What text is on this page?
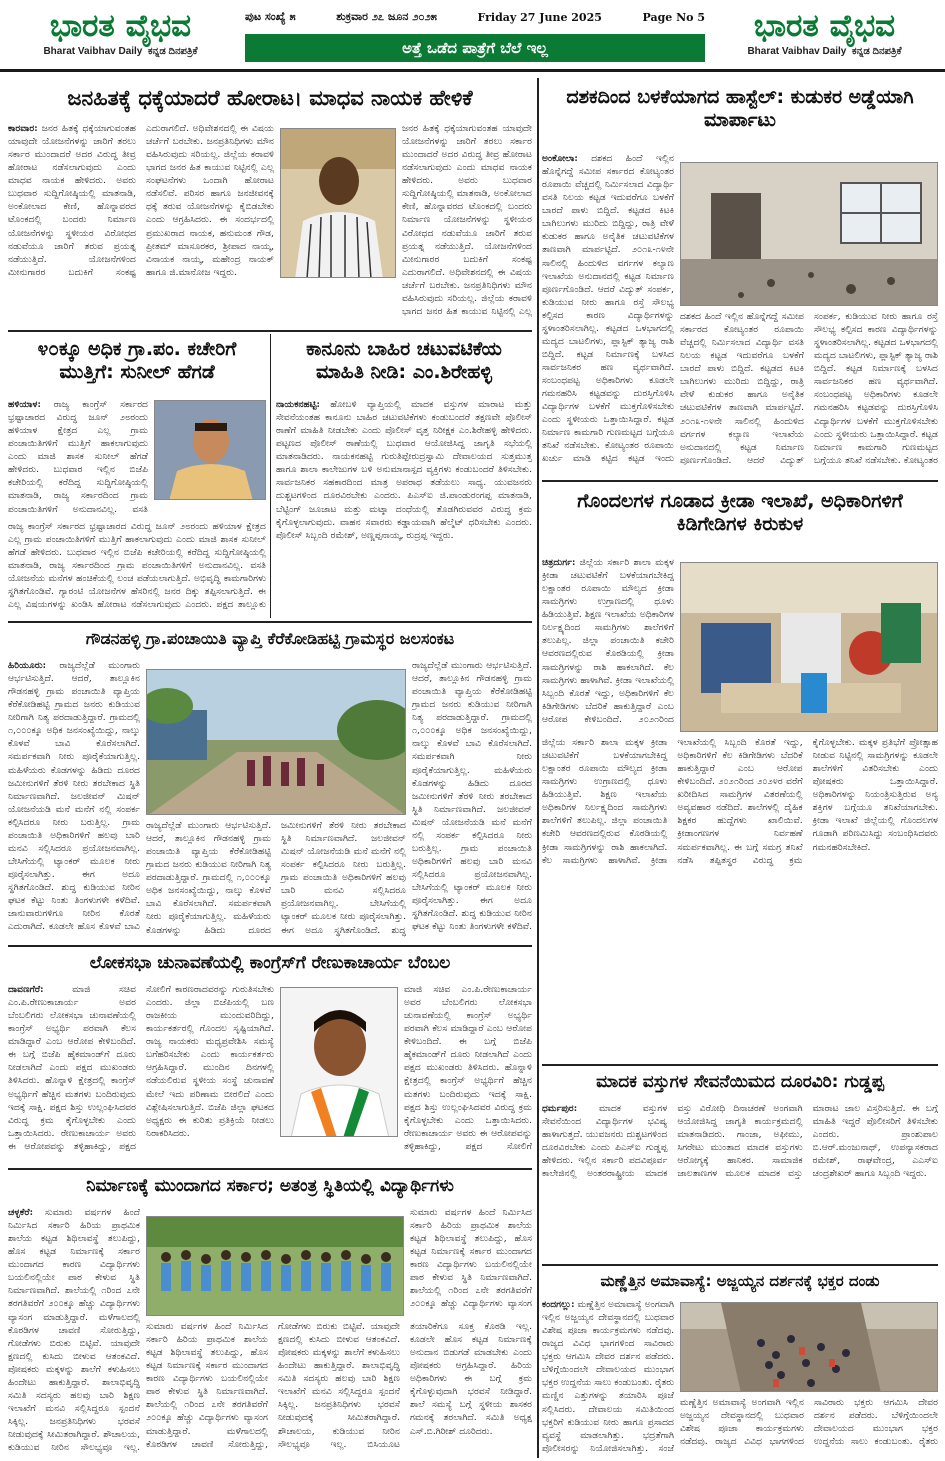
ಭಾರತ ವೈಭವ
Bharat Vaibhav Daily ಕನ್ನಡ ದಿನಪತ್ರಿಕೆ
ಪುಟ ಸಂಖ್ಯೆ ೫	ಶುಕ್ರವಾರ ೨೭ ಜೂನ ೨೦೨೫	Friday 27 June 2025	Page No 5
ಅತ್ತೆ ಒಡೆದ ಪಾತ್ರೆಗೆ ಬೆಲೆ ಇಲ್ಲ
ಭಾರತ ವೈಭವ
Bharat Vaibhav Daily ಕನ್ನಡ ದಿನಪತ್ರಿಕೆ
ಜನಹಿತಕ್ಕೆ ಧಕ್ಕೆಯಾದರೆ ಹೋರಾಟ। ಮಾಧವ ನಾಯಕ ಹೇಳಿಕೆ
ಕಾರವಾರ: ಜನರ ಹಿತಕ್ಕೆ ಧಕ್ಕೆಯಾಗುವಂತಹ ಯಾವುದೇ ಯೋಜನೆಗಳನ್ನು ಜಾರಿಗೆ ತರಲು ಸರ್ಕಾರ ಮುಂದಾದರೆ ಅದರ ವಿರುದ್ಧ ತೀವ್ರ ಹೋರಾಟ ನಡೆಸಲಾಗುವುದು ಎಂದು ಮಾಧವ ನಾಯಕ ಹೇಳಿದರು. ಅವರು ಬುಧವಾರ ಸುದ್ದಿಗೋಷ್ಠಿಯಲ್ಲಿ ಮಾತನಾಡಿ, ಅಂಕೋಲಾದ ಕೇಣಿ, ಹೊನ್ನಾವರದ ಟೊಂಕದಲ್ಲಿ ಬಂದರು ನಿರ್ಮಾಣ ಯೋಜನೆಗಳನ್ನು ಸ್ಥಳೀಯರ ವಿರೋಧದ ನಡುವೆಯೂ ಜಾರಿಗೆ ತರುವ ಪ್ರಯತ್ನ ನಡೆಯುತ್ತಿದೆ. ಯೋಜನೆಗಳಿಂದ ಮೀನುಗಾರರ ಬದುಕಿಗೆ ಸಂಕಷ್ಟ ಎದುರಾಗಲಿದೆ. ಅಧಿವೇಶನದಲ್ಲಿ ಈ ವಿಷಯ ಚರ್ಚೆಗೆ ಬರಬೇಕು. ಜನಪ್ರತಿನಿಧಿಗಳು ಮೌನ ವಹಿಸಿರುವುದು ಸರಿಯಲ್ಲ. ಜಿಲ್ಲೆಯ ಕರಾವಳಿ ಭಾಗದ ಜನರ ಹಿತ ಕಾಯುವ ನಿಟ್ಟಿನಲ್ಲಿ ಎಲ್ಲ ಸಂಘಟನೆಗಳು ಒಂದಾಗಿ ಹೋರಾಟ ನಡೆಸಲಿವೆ. ಪರಿಸರ ಹಾಗೂ ಜನಜೀವನಕ್ಕೆ ಧಕ್ಕೆ ತರುವ ಯೋಜನೆಗಳನ್ನು ಕೈಬಿಡಬೇಕು ಎಂದು ಆಗ್ರಹಿಸಿದರು. ಈ ಸಂದರ್ಭದಲ್ಲಿ ಪ್ರಮುಖರಾದ ನಾಯಕ, ಹನುಮಂತ ಗೌಡ, ಪ್ರೀತಮ್ ಮಾಸೂರಕರ, ಶ್ರೀಪಾದ ನಾಯ್ಕ, ವಿನಾಯಕ ನಾಯ್ಕ, ಮಹೇಂದ್ರ ನಾಯಕ್ ಹಾಗೂ ಜಿ.ಮಾನೋಜ ಇದ್ದರು.
ಜನರ ಹಿತಕ್ಕೆ ಧಕ್ಕೆಯಾಗುವಂತಹ ಯಾವುದೇ ಯೋಜನೆಗಳನ್ನು ಜಾರಿಗೆ ತರಲು ಸರ್ಕಾರ ಮುಂದಾದರೆ ಅದರ ವಿರುದ್ಧ ತೀವ್ರ ಹೋರಾಟ ನಡೆಸಲಾಗುವುದು ಎಂದು ಮಾಧವ ನಾಯಕ ಹೇಳಿದರು. ಅವರು ಬುಧವಾರ ಸುದ್ದಿಗೋಷ್ಠಿಯಲ್ಲಿ ಮಾತನಾಡಿ, ಅಂಕೋಲಾದ ಕೇಣಿ, ಹೊನ್ನಾವರದ ಟೊಂಕದಲ್ಲಿ ಬಂದರು ನಿರ್ಮಾಣ ಯೋಜನೆಗಳನ್ನು ಸ್ಥಳೀಯರ ವಿರೋಧದ ನಡುವೆಯೂ ಜಾರಿಗೆ ತರುವ ಪ್ರಯತ್ನ ನಡೆಯುತ್ತಿದೆ. ಯೋಜನೆಗಳಿಂದ ಮೀನುಗಾರರ ಬದುಕಿಗೆ ಸಂಕಷ್ಟ ಎದುರಾಗಲಿದೆ. ಅಧಿವೇಶನದಲ್ಲಿ ಈ ವಿಷಯ ಚರ್ಚೆಗೆ ಬರಬೇಕು. ಜನಪ್ರತಿನಿಧಿಗಳು ಮೌನ ವಹಿಸಿರುವುದು ಸರಿಯಲ್ಲ. ಜಿಲ್ಲೆಯ ಕರಾವಳಿ ಭಾಗದ ಜನರ ಹಿತ ಕಾಯುವ ನಿಟ್ಟಿನಲ್ಲಿ ಎಲ್ಲ
೪೦ಕ್ಕೂ ಅಧಿಕ ಗ್ರಾ.ಪಂ. ಕಚೇರಿಗೆ ಮುತ್ತಿಗೆ: ಸುನೀಲ್ ಹೆಗಡೆ
ಹಳಿಯಾಳ: ರಾಜ್ಯ ಕಾಂಗ್ರೆಸ್ ಸರ್ಕಾರದ ಭ್ರಷ್ಟಾಚಾರದ ವಿರುದ್ಧ ಜೂನ್ ೨೮ರಂದು ಹಳಿಯಾಳ ಕ್ಷೇತ್ರದ ಎಲ್ಲ ಗ್ರಾಮ ಪಂಚಾಯಿತಿಗಳಿಗೆ ಮುತ್ತಿಗೆ ಹಾಕಲಾಗುವುದು ಎಂದು ಮಾಜಿ ಶಾಸಕ ಸುನೀಲ್ ಹೆಗಡೆ ಹೇಳಿದರು. ಬುಧವಾರ ಇಲ್ಲಿನ ಬಿಜೆಪಿ ಕಚೇರಿಯಲ್ಲಿ ಕರೆದಿದ್ದ ಸುದ್ದಿಗೋಷ್ಠಿಯಲ್ಲಿ ಮಾತನಾಡಿ, ರಾಜ್ಯ ಸರ್ಕಾರದಿಂದ ಗ್ರಾಮ ಪಂಚಾಯಿತಿಗಳಿಗೆ ಅನುದಾನವಿಲ್ಲ. ವಸತಿ
ರಾಜ್ಯ ಕಾಂಗ್ರೆಸ್ ಸರ್ಕಾರದ ಭ್ರಷ್ಟಾಚಾರದ ವಿರುದ್ಧ ಜೂನ್ ೨೮ರಂದು ಹಳಿಯಾಳ ಕ್ಷೇತ್ರದ ಎಲ್ಲ ಗ್ರಾಮ ಪಂಚಾಯಿತಿಗಳಿಗೆ ಮುತ್ತಿಗೆ ಹಾಕಲಾಗುವುದು ಎಂದು ಮಾಜಿ ಶಾಸಕ ಸುನೀಲ್ ಹೆಗಡೆ ಹೇಳಿದರು. ಬುಧವಾರ ಇಲ್ಲಿನ ಬಿಜೆಪಿ ಕಚೇರಿಯಲ್ಲಿ ಕರೆದಿದ್ದ ಸುದ್ದಿಗೋಷ್ಠಿಯಲ್ಲಿ ಮಾತನಾಡಿ, ರಾಜ್ಯ ಸರ್ಕಾರದಿಂದ ಗ್ರಾಮ ಪಂಚಾಯಿತಿಗಳಿಗೆ ಅನುದಾನವಿಲ್ಲ. ವಸತಿ ಯೋಜನೆಯ ಮನೆಗಳ ಹಂಚಿಕೆಯಲ್ಲಿ ಲಂಚ ಪಡೆಯಲಾಗುತ್ತಿದೆ. ಅಭಿವೃದ್ಧಿ ಕಾಮಗಾರಿಗಳು ಸ್ಥಗಿತಗೊಂಡಿವೆ. ಗ್ಯಾರಂಟಿ ಯೋಜನೆಗಳ ಹೆಸರಿನಲ್ಲಿ ಜನರ ದಿಕ್ಕು ತಪ್ಪಿಸಲಾಗುತ್ತಿದೆ. ಈ ಎಲ್ಲ ವಿಷಯಗಳನ್ನು ಖಂಡಿಸಿ ಹೋರಾಟ ನಡೆಸಲಾಗುವುದು ಎಂದರು. ಪಕ್ಷದ ತಾಲ್ಲೂಕು
ಕಾನೂನು ಬಾಹಿರ ಚಟುವಟಿಕೆಯ ಮಾಹಿತಿ ನೀಡಿ: ಎಂ.ಶಿರೇಹಳ್ಳಿ
ನಾಯಕನಹಟ್ಟಿ: ಹೋಬಳಿ ವ್ಯಾಪ್ತಿಯಲ್ಲಿ ಮಾದಕ ವಸ್ತುಗಳ ಮಾರಾಟ ಮತ್ತು ಸೇವನೆಯಂತಹ ಕಾನೂನು ಬಾಹಿರ ಚಟುವಟಿಕೆಗಳು ಕಂಡುಬಂದರೆ ತಕ್ಷಣವೇ ಪೊಲೀಸ್ ಠಾಣೆಗೆ ಮಾಹಿತಿ ನೀಡಬೇಕು ಎಂದು ಪೊಲೀಸ್ ವೃತ್ತ ನಿರೀಕ್ಷಕ ಎಂ.ಶಿರೇಹಳ್ಳಿ ಹೇಳಿದರು. ಪಟ್ಟಣದ ಪೊಲೀಸ್ ಠಾಣೆಯಲ್ಲಿ ಬುಧವಾರ ಆಯೋಜಿಸಿದ್ದ ಜಾಗೃತಿ ಸಭೆಯಲ್ಲಿ ಮಾತನಾಡಿದರು. ನಾಯಕನಹಟ್ಟಿ ಗುರುತಿಪ್ಪೇರುದ್ರಸ್ವಾಮಿ ದೇವಾಲಯದ ಸುತ್ತಮುತ್ತ ಹಾಗೂ ಶಾಲಾ ಕಾಲೇಜುಗಳ ಬಳಿ ಅನುಮಾನಾಸ್ಪದ ವ್ಯಕ್ತಿಗಳು ಕಂಡುಬಂದರೆ ತಿಳಿಸಬೇಕು. ಸಾರ್ವಜನಿಕರ ಸಹಕಾರದಿಂದ ಮಾತ್ರ ಅಪರಾಧ ತಡೆಯಲು ಸಾಧ್ಯ. ಯುವಜನರು ದುಶ್ಚಟಗಳಿಂದ ದೂರವಿರಬೇಕು ಎಂದರು. ಪಿಎಸ್‌ಐ ಜಿ.ಪಾಂಡುರಂಗಪ್ಪ ಮಾತನಾಡಿ, ಬೆಟ್ಟಿಂಗ್ ಜೂಜಾಟ ಮತ್ತು ಮಟ್ಕಾ ದಂಧೆಯಲ್ಲಿ ತೊಡಗಿರುವವರ ವಿರುದ್ಧ ಕ್ರಮ ಕೈಗೊಳ್ಳಲಾಗುವುದು. ವಾಹನ ಸವಾರರು ಕಡ್ಡಾಯವಾಗಿ ಹೆಲ್ಮೆಟ್ ಧರಿಸಬೇಕು ಎಂದರು. ಪೊಲೀಸ್ ಸಿಬ್ಬಂದಿ ರಮೇಶ್, ಅಣ್ಣಪ್ಪನಾಯ್ಕ, ರುದ್ರಪ್ಪ ಇದ್ದರು.
ಗೌಡನಹಳ್ಳಿ ಗ್ರಾ.ಪಂಚಾಯಿತಿ ವ್ಯಾಪ್ತಿ ಕೆರೆಕೋಡಿಹಟ್ಟಿ ಗ್ರಾಮಸ್ಥರ ಜಲಸಂಕಟ
ಹಿರಿಯೂರು: ರಾಜ್ಯದೆಲ್ಲೆಡೆ ಮುಂಗಾರು ಆರ್ಭಟಿಸುತ್ತಿದೆ. ಆದರೆ, ತಾಲ್ಲೂಕಿನ ಗೌಡನಹಳ್ಳಿ ಗ್ರಾಮ ಪಂಚಾಯಿತಿ ವ್ಯಾಪ್ತಿಯ ಕೆರೆಕೋಡಿಹಟ್ಟಿ ಗ್ರಾಮದ ಜನರು ಕುಡಿಯುವ ನೀರಿಗಾಗಿ ನಿತ್ಯ ಪರದಾಡುತ್ತಿದ್ದಾರೆ. ಗ್ರಾಮದಲ್ಲಿ ೧,೦೦೦ಕ್ಕೂ ಅಧಿಕ ಜನಸಂಖ್ಯೆಯಿದ್ದು, ನಾಲ್ಕು ಕೊಳವೆ ಬಾವಿ ಕೊರೆಸಲಾಗಿದೆ. ಸಮರ್ಪಕವಾಗಿ ನೀರು ಪೂರೈಕೆಯಾಗುತ್ತಿಲ್ಲ. ಮಹಿಳೆಯರು ಕೊಡಗಳನ್ನು ಹಿಡಿದು ದೂರದ ಜಮೀನುಗಳಿಗೆ ತೆರಳಿ ನೀರು ತರಬೇಕಾದ ಸ್ಥಿತಿ ನಿರ್ಮಾಣವಾಗಿದೆ. ಜಲಜೀವನ್ ಮಿಷನ್ ಯೋಜನೆಯಡಿ ಮನೆ ಮನೆಗೆ ನಲ್ಲಿ ಸಂಪರ್ಕ ಕಲ್ಪಿಸಿದರೂ ನೀರು ಬರುತ್ತಿಲ್ಲ. ಗ್ರಾಮ ಪಂಚಾಯಿತಿ ಅಧಿಕಾರಿಗಳಿಗೆ ಹಲವು ಬಾರಿ ಮನವಿ ಸಲ್ಲಿಸಿದರೂ ಪ್ರಯೋಜನವಾಗಿಲ್ಲ. ಬೇಸಿಗೆಯಲ್ಲಿ ಟ್ಯಾಂಕರ್ ಮೂಲಕ ನೀರು ಪೂರೈಸಲಾಗಿತ್ತು. ಈಗ ಅದೂ ಸ್ಥಗಿತಗೊಂಡಿದೆ. ಶುದ್ಧ ಕುಡಿಯುವ ನೀರಿನ ಘಟಕ ಕೆಟ್ಟು ನಿಂತು ತಿಂಗಳುಗಳೇ ಕಳೆದಿವೆ. ಜಾನುವಾರುಗಳಿಗೂ ನೀರಿನ ಕೊರತೆ ಎದುರಾಗಿದೆ. ಕೂಡಲೇ ಹೊಸ ಕೊಳವೆ ಬಾವಿ
ರಾಜ್ಯದೆಲ್ಲೆಡೆ ಮುಂಗಾರು ಆರ್ಭಟಿಸುತ್ತಿದೆ. ಆದರೆ, ತಾಲ್ಲೂಕಿನ ಗೌಡನಹಳ್ಳಿ ಗ್ರಾಮ ಪಂಚಾಯಿತಿ ವ್ಯಾಪ್ತಿಯ ಕೆರೆಕೋಡಿಹಟ್ಟಿ ಗ್ರಾಮದ ಜನರು ಕುಡಿಯುವ ನೀರಿಗಾಗಿ ನಿತ್ಯ ಪರದಾಡುತ್ತಿದ್ದಾರೆ. ಗ್ರಾಮದಲ್ಲಿ ೧,೦೦೦ಕ್ಕೂ ಅಧಿಕ ಜನಸಂಖ್ಯೆಯಿದ್ದು, ನಾಲ್ಕು ಕೊಳವೆ ಬಾವಿ ಕೊರೆಸಲಾಗಿದೆ. ಸಮರ್ಪಕವಾಗಿ ನೀರು ಪೂರೈಕೆಯಾಗುತ್ತಿಲ್ಲ. ಮಹಿಳೆಯರು ಕೊಡಗಳನ್ನು ಹಿಡಿದು ದೂರದ ಜಮೀನುಗಳಿಗೆ ತೆರಳಿ ನೀರು ತರಬೇಕಾದ ಸ್ಥಿತಿ ನಿರ್ಮಾಣವಾಗಿದೆ. ಜಲಜೀವನ್ ಮಿಷನ್ ಯೋಜನೆಯಡಿ ಮನೆ ಮನೆಗೆ ನಲ್ಲಿ ಸಂಪರ್ಕ ಕಲ್ಪಿಸಿದರೂ ನೀರು ಬರುತ್ತಿಲ್ಲ. ಗ್ರಾಮ ಪಂಚಾಯಿತಿ ಅಧಿಕಾರಿಗಳಿಗೆ ಹಲವು ಬಾರಿ ಮನವಿ ಸಲ್ಲಿಸಿದರೂ ಪ್ರಯೋಜನವಾಗಿಲ್ಲ. ಬೇಸಿಗೆಯಲ್ಲಿ ಟ್ಯಾಂಕರ್ ಮೂಲಕ ನೀರು ಪೂರೈಸಲಾಗಿತ್ತು. ಈಗ ಅದೂ ಸ್ಥಗಿತಗೊಂಡಿದೆ. ಶುದ್ಧ
ರಾಜ್ಯದೆಲ್ಲೆಡೆ ಮುಂಗಾರು ಆರ್ಭಟಿಸುತ್ತಿದೆ. ಆದರೆ, ತಾಲ್ಲೂಕಿನ ಗೌಡನಹಳ್ಳಿ ಗ್ರಾಮ ಪಂಚಾಯಿತಿ ವ್ಯಾಪ್ತಿಯ ಕೆರೆಕೋಡಿಹಟ್ಟಿ ಗ್ರಾಮದ ಜನರು ಕುಡಿಯುವ ನೀರಿಗಾಗಿ ನಿತ್ಯ ಪರದಾಡುತ್ತಿದ್ದಾರೆ. ಗ್ರಾಮದಲ್ಲಿ ೧,೦೦೦ಕ್ಕೂ ಅಧಿಕ ಜನಸಂಖ್ಯೆಯಿದ್ದು, ನಾಲ್ಕು ಕೊಳವೆ ಬಾವಿ ಕೊರೆಸಲಾಗಿದೆ. ಸಮರ್ಪಕವಾಗಿ ನೀರು ಪೂರೈಕೆಯಾಗುತ್ತಿಲ್ಲ. ಮಹಿಳೆಯರು ಕೊಡಗಳನ್ನು ಹಿಡಿದು ದೂರದ ಜಮೀನುಗಳಿಗೆ ತೆರಳಿ ನೀರು ತರಬೇಕಾದ ಸ್ಥಿತಿ ನಿರ್ಮಾಣವಾಗಿದೆ. ಜಲಜೀವನ್ ಮಿಷನ್ ಯೋಜನೆಯಡಿ ಮನೆ ಮನೆಗೆ ನಲ್ಲಿ ಸಂಪರ್ಕ ಕಲ್ಪಿಸಿದರೂ ನೀರು ಬರುತ್ತಿಲ್ಲ. ಗ್ರಾಮ ಪಂಚಾಯಿತಿ ಅಧಿಕಾರಿಗಳಿಗೆ ಹಲವು ಬಾರಿ ಮನವಿ ಸಲ್ಲಿಸಿದರೂ ಪ್ರಯೋಜನವಾಗಿಲ್ಲ. ಬೇಸಿಗೆಯಲ್ಲಿ ಟ್ಯಾಂಕರ್ ಮೂಲಕ ನೀರು ಪೂರೈಸಲಾಗಿತ್ತು. ಈಗ ಅದೂ ಸ್ಥಗಿತಗೊಂಡಿದೆ. ಶುದ್ಧ ಕುಡಿಯುವ ನೀರಿನ ಘಟಕ ಕೆಟ್ಟು ನಿಂತು ತಿಂಗಳುಗಳೇ ಕಳೆದಿವೆ.
ಲೋಕಸಭಾ ಚುನಾವಣೆಯಲ್ಲಿ ಕಾಂಗ್ರೆಸ್‌ಗೆ ರೇಣುಕಾಚಾರ್ಯ ಬೆಂಬಲ
ದಾವಣಗೆರೆ:	ಮಾಜಿ ಸಚಿವ ಎಂ.ಪಿ.ರೇಣುಕಾಚಾರ್ಯ ಅವರ ಬೆಂಬಲಿಗರು ಲೋಕಸಭಾ ಚುನಾವಣೆಯಲ್ಲಿ ಕಾಂಗ್ರೆಸ್ ಅಭ್ಯರ್ಥಿ ಪರವಾಗಿ ಕೆಲಸ ಮಾಡಿದ್ದಾರೆ ಎಂಬ ಆರೋಪ ಕೇಳಿಬಂದಿದೆ. ಈ ಬಗ್ಗೆ ಬಿಜೆಪಿ ಹೈಕಮಾಂಡ್‌ಗೆ ದೂರು ನೀಡಲಾಗಿದೆ ಎಂದು ಪಕ್ಷದ ಮುಖಂಡರು ತಿಳಿಸಿದರು. ಹೊನ್ನಾಳಿ ಕ್ಷೇತ್ರದಲ್ಲಿ ಕಾಂಗ್ರೆಸ್ ಅಭ್ಯರ್ಥಿಗೆ ಹೆಚ್ಚಿನ ಮತಗಳು ಬಂದಿರುವುದು ಇದಕ್ಕೆ ಸಾಕ್ಷಿ. ಪಕ್ಷದ ಶಿಸ್ತು ಉಲ್ಲಂಘಿಸಿದವರ ವಿರುದ್ಧ ಕ್ರಮ ಕೈಗೊಳ್ಳಬೇಕು ಎಂದು ಒತ್ತಾಯಿಸಿದರು. ರೇಣುಕಾಚಾರ್ಯ ಅವರು ಈ ಆರೋಪವನ್ನು ತಳ್ಳಿಹಾಕಿದ್ದು, ಪಕ್ಷದ ಸೋಲಿಗೆ ಕಾರಣರಾದವರನ್ನು ಗುರುತಿಸಬೇಕು ಎಂದರು. ಜಿಲ್ಲಾ ಬಿಜೆಪಿಯಲ್ಲಿ ಬಣ ರಾಜಕೀಯ ಮುಂದುವರಿದಿದ್ದು, ಕಾರ್ಯಕರ್ತರಲ್ಲಿ ಗೊಂದಲ ಸೃಷ್ಟಿಯಾಗಿದೆ. ರಾಜ್ಯ ನಾಯಕರು ಮಧ್ಯಪ್ರವೇಶಿಸಿ ಸಮಸ್ಯೆ ಬಗೆಹರಿಸಬೇಕು ಎಂದು ಕಾರ್ಯಕರ್ತರು ಆಗ್ರಹಿಸಿದ್ದಾರೆ. ಮುಂದಿನ ದಿನಗಳಲ್ಲಿ ನಡೆಯಲಿರುವ ಸ್ಥಳೀಯ ಸಂಸ್ಥೆ ಚುನಾವಣೆ ಮೇಲೆ ಇದು ಪರಿಣಾಮ ಬೀರಲಿದೆ ಎಂದು ವಿಶ್ಲೇಷಿಸಲಾಗುತ್ತಿದೆ. ಬಿಜೆಪಿ ಜಿಲ್ಲಾ ಘಟಕದ ಅಧ್ಯಕ್ಷರು ಈ ಕುರಿತು ಪ್ರತಿಕ್ರಿಯೆ ನೀಡಲು ನಿರಾಕರಿಸಿದರು.
ಮಾಜಿ ಸಚಿವ ಎಂ.ಪಿ.ರೇಣುಕಾಚಾರ್ಯ ಅವರ ಬೆಂಬಲಿಗರು ಲೋಕಸಭಾ ಚುನಾವಣೆಯಲ್ಲಿ ಕಾಂಗ್ರೆಸ್ ಅಭ್ಯರ್ಥಿ ಪರವಾಗಿ ಕೆಲಸ ಮಾಡಿದ್ದಾರೆ ಎಂಬ ಆರೋಪ ಕೇಳಿಬಂದಿದೆ. ಈ ಬಗ್ಗೆ ಬಿಜೆಪಿ ಹೈಕಮಾಂಡ್‌ಗೆ ದೂರು ನೀಡಲಾಗಿದೆ ಎಂದು ಪಕ್ಷದ ಮುಖಂಡರು ತಿಳಿಸಿದರು. ಹೊನ್ನಾಳಿ ಕ್ಷೇತ್ರದಲ್ಲಿ ಕಾಂಗ್ರೆಸ್ ಅಭ್ಯರ್ಥಿಗೆ ಹೆಚ್ಚಿನ ಮತಗಳು ಬಂದಿರುವುದು ಇದಕ್ಕೆ ಸಾಕ್ಷಿ. ಪಕ್ಷದ ಶಿಸ್ತು ಉಲ್ಲಂಘಿಸಿದವರ ವಿರುದ್ಧ ಕ್ರಮ ಕೈಗೊಳ್ಳಬೇಕು ಎಂದು ಒತ್ತಾಯಿಸಿದರು. ರೇಣುಕಾಚಾರ್ಯ ಅವರು ಈ ಆರೋಪವನ್ನು ತಳ್ಳಿಹಾಕಿದ್ದು, ಪಕ್ಷದ ಸೋಲಿಗೆ
ನಿರ್ಮಾಣಕ್ಕೆ ಮುಂದಾಗದ ಸರ್ಕಾರ; ಅತಂತ್ರ ಸ್ಥಿತಿಯಲ್ಲಿ ವಿದ್ಯಾರ್ಥಿಗಳು
ಚಳ್ಳಕೆರೆ: ಸುಮಾರು ವರ್ಷಗಳ ಹಿಂದೆ ನಿರ್ಮಿಸಿದ ಸರ್ಕಾರಿ ಹಿರಿಯ ಪ್ರಾಥಮಿಕ ಶಾಲೆಯ ಕಟ್ಟಡ ಶಿಥಿಲಾವಸ್ಥೆ ತಲುಪಿದ್ದು, ಹೊಸ ಕಟ್ಟಡ ನಿರ್ಮಾಣಕ್ಕೆ ಸರ್ಕಾರ ಮುಂದಾಗದ ಕಾರಣ ವಿದ್ಯಾರ್ಥಿಗಳು ಬಯಲಿನಲ್ಲಿಯೇ ಪಾಠ ಕೇಳುವ ಸ್ಥಿತಿ ನಿರ್ಮಾಣವಾಗಿದೆ. ಶಾಲೆಯಲ್ಲಿ ೧ರಿಂದ ೭ನೇ ತರಗತಿವರೆಗೆ ೨೦೦ಕ್ಕೂ ಹೆಚ್ಚು ವಿದ್ಯಾರ್ಥಿಗಳು ವ್ಯಾಸಂಗ ಮಾಡುತ್ತಿದ್ದಾರೆ. ಮಳೆಗಾಲದಲ್ಲಿ ಕೊಠಡಿಗಳ ಚಾವಣಿ ಸೋರುತ್ತಿದ್ದು, ಗೋಡೆಗಳು ಬಿರುಕು ಬಿಟ್ಟಿವೆ. ಯಾವುದೇ ಕ್ಷಣದಲ್ಲಿ ಕುಸಿದು ಬೀಳುವ ಆತಂಕವಿದೆ. ಪೋಷಕರು ಮಕ್ಕಳನ್ನು ಶಾಲೆಗೆ ಕಳುಹಿಸಲು ಹಿಂದೇಟು ಹಾಕುತ್ತಿದ್ದಾರೆ. ಶಾಲಾಭಿವೃದ್ಧಿ ಸಮಿತಿ ಸದಸ್ಯರು ಹಲವು ಬಾರಿ ಶಿಕ್ಷಣ ಇಲಾಖೆಗೆ ಮನವಿ ಸಲ್ಲಿಸಿದ್ದರೂ ಸ್ಪಂದನೆ ಸಿಕ್ಕಿಲ್ಲ. ಜನಪ್ರತಿನಿಧಿಗಳು ಭರವಸೆ ನೀಡುವುದಕ್ಕೆ ಸೀಮಿತರಾಗಿದ್ದಾರೆ. ಶೌಚಾಲಯ, ಕುಡಿಯುವ ನೀರಿನ ಸೌಲಭ್ಯವೂ ಇಲ್ಲ.
ಸುಮಾರು ವರ್ಷಗಳ ಹಿಂದೆ ನಿರ್ಮಿಸಿದ ಸರ್ಕಾರಿ ಹಿರಿಯ ಪ್ರಾಥಮಿಕ ಶಾಲೆಯ ಕಟ್ಟಡ ಶಿಥಿಲಾವಸ್ಥೆ ತಲುಪಿದ್ದು, ಹೊಸ ಕಟ್ಟಡ ನಿರ್ಮಾಣಕ್ಕೆ ಸರ್ಕಾರ ಮುಂದಾಗದ ಕಾರಣ ವಿದ್ಯಾರ್ಥಿಗಳು ಬಯಲಿನಲ್ಲಿಯೇ ಪಾಠ ಕೇಳುವ ಸ್ಥಿತಿ ನಿರ್ಮಾಣವಾಗಿದೆ. ಶಾಲೆಯಲ್ಲಿ ೧ರಿಂದ ೭ನೇ ತರಗತಿವರೆಗೆ ೨೦೦ಕ್ಕೂ ಹೆಚ್ಚು ವಿದ್ಯಾರ್ಥಿಗಳು ವ್ಯಾಸಂಗ ಮಾಡುತ್ತಿದ್ದಾರೆ. ಮಳೆಗಾಲದಲ್ಲಿ ಕೊಠಡಿಗಳ ಚಾವಣಿ ಸೋರುತ್ತಿದ್ದು, ಗೋಡೆಗಳು ಬಿರುಕು ಬಿಟ್ಟಿವೆ. ಯಾವುದೇ ಕ್ಷಣದಲ್ಲಿ ಕುಸಿದು ಬೀಳುವ ಆತಂಕವಿದೆ. ಪೋಷಕರು ಮಕ್ಕಳನ್ನು ಶಾಲೆಗೆ ಕಳುಹಿಸಲು ಹಿಂದೇಟು ಹಾಕುತ್ತಿದ್ದಾರೆ. ಶಾಲಾಭಿವೃದ್ಧಿ ಸಮಿತಿ ಸದಸ್ಯರು ಹಲವು ಬಾರಿ ಶಿಕ್ಷಣ ಇಲಾಖೆಗೆ ಮನವಿ ಸಲ್ಲಿಸಿದ್ದರೂ ಸ್ಪಂದನೆ ಸಿಕ್ಕಿಲ್ಲ. ಜನಪ್ರತಿನಿಧಿಗಳು ಭರವಸೆ ನೀಡುವುದಕ್ಕೆ ಸೀಮಿತರಾಗಿದ್ದಾರೆ. ಶೌಚಾಲಯ, ಕುಡಿಯುವ ನೀರಿನ ಸೌಲಭ್ಯವೂ ಇಲ್ಲ. ಬಿಸಿಯೂಟ ತಯಾರಿಕೆಗೂ ಸೂಕ್ತ ಕೊಠಡಿ ಇಲ್ಲ. ಕೂಡಲೇ ಹೊಸ ಕಟ್ಟಡ ನಿರ್ಮಾಣಕ್ಕೆ ಅನುದಾನ ಬಿಡುಗಡೆ ಮಾಡಬೇಕು ಎಂದು ಪೋಷಕರು ಆಗ್ರಹಿಸಿದ್ದಾರೆ. ಹಿರಿಯ ಅಧಿಕಾರಿಗಳು ಈ ಬಗ್ಗೆ ಕ್ರಮ ಕೈಗೊಳ್ಳುವುದಾಗಿ ಭರವಸೆ ನೀಡಿದ್ದಾರೆ. ಶಾಲೆ ಸಮಸ್ಯೆ ಬಗ್ಗೆ ಸ್ಥಳೀಯ ಶಾಸಕರ ಗಮನಕ್ಕೆ ತರಲಾಗಿದೆ. ಸಮಿತಿ ಅಧ್ಯಕ್ಷ ಎಸ್.ಬಿ.ಗಿರೀಶ್ ದೂರಿದರು.
ಸುಮಾರು ವರ್ಷಗಳ ಹಿಂದೆ ನಿರ್ಮಿಸಿದ ಸರ್ಕಾರಿ ಹಿರಿಯ ಪ್ರಾಥಮಿಕ ಶಾಲೆಯ ಕಟ್ಟಡ ಶಿಥಿಲಾವಸ್ಥೆ ತಲುಪಿದ್ದು, ಹೊಸ ಕಟ್ಟಡ ನಿರ್ಮಾಣಕ್ಕೆ ಸರ್ಕಾರ ಮುಂದಾಗದ ಕಾರಣ ವಿದ್ಯಾರ್ಥಿಗಳು ಬಯಲಿನಲ್ಲಿಯೇ ಪಾಠ ಕೇಳುವ ಸ್ಥಿತಿ ನಿರ್ಮಾಣವಾಗಿದೆ. ಶಾಲೆಯಲ್ಲಿ ೧ರಿಂದ ೭ನೇ ತರಗತಿವರೆಗೆ ೨೦೦ಕ್ಕೂ ಹೆಚ್ಚು ವಿದ್ಯಾರ್ಥಿಗಳು ವ್ಯಾಸಂಗ
ದಶಕದಿಂದ ಬಳಕೆಯಾಗದ ಹಾಸ್ಟೆಲ್: ಕುಡುಕರ ಅಡ್ಡೆಯಾಗಿ ಮಾರ್ಪಾಟು
ಅಂಕೋಲಾ: ದಶಕದ ಹಿಂದೆ ಇಲ್ಲಿನ ಹೊನ್ನೆಗದ್ದೆ ಸಮೀಪ ಸರ್ಕಾರದ ಕೋಟ್ಯಂತರ ರೂಪಾಯಿ ವೆಚ್ಚದಲ್ಲಿ ನಿರ್ಮಿಸಲಾದ ವಿದ್ಯಾರ್ಥಿ ವಸತಿ ನಿಲಯ ಕಟ್ಟಡ ಇದುವರೆಗೂ ಬಳಕೆಗೆ ಬಾರದೆ ಪಾಳು ಬಿದ್ದಿದೆ. ಕಟ್ಟಡದ ಕಿಟಕಿ ಬಾಗಿಲುಗಳು ಮುರಿದು ಬಿದ್ದಿದ್ದು, ರಾತ್ರಿ ವೇಳೆ ಕುಡುಕರ ಹಾಗೂ ಅನೈತಿಕ ಚಟುವಟಿಕೆಗಳ ತಾಣವಾಗಿ ಮಾರ್ಪಟ್ಟಿದೆ. ೨೦೧೩-೧೪ನೇ ಸಾಲಿನಲ್ಲಿ ಹಿಂದುಳಿದ ವರ್ಗಗಳ ಕಲ್ಯಾಣ ಇಲಾಖೆಯ ಅನುದಾನದಲ್ಲಿ ಕಟ್ಟಡ ನಿರ್ಮಾಣ ಪೂರ್ಣಗೊಂಡಿದೆ. ಆದರೆ ವಿದ್ಯುತ್ ಸಂಪರ್ಕ, ಕುಡಿಯುವ ನೀರು ಹಾಗೂ ರಸ್ತೆ ಸೌಲಭ್ಯ ಕಲ್ಪಿಸದ ಕಾರಣ ವಿದ್ಯಾರ್ಥಿಗಳನ್ನು ಸ್ಥಳಾಂತರಿಸಲಾಗಿಲ್ಲ. ಕಟ್ಟಡದ ಒಳಭಾಗದಲ್ಲಿ ಮದ್ಯದ ಬಾಟಲಿಗಳು, ಪ್ಲಾಸ್ಟಿಕ್ ತ್ಯಾಜ್ಯ ರಾಶಿ ಬಿದ್ದಿದೆ. ಕಟ್ಟಡ ನಿರ್ಮಾಣಕ್ಕೆ ಬಳಸಿದ ಸಾರ್ವಜನಿಕರ ಹಣ ವ್ಯರ್ಥವಾಗಿದೆ. ಸಂಬಂಧಪಟ್ಟ ಅಧಿಕಾರಿಗಳು ಕೂಡಲೇ ಗಮನಹರಿಸಿ ಕಟ್ಟಡವನ್ನು ದುರಸ್ತಿಗೊಳಿಸಿ ವಿದ್ಯಾರ್ಥಿಗಳ ಬಳಕೆಗೆ ಮುಕ್ತಗೊಳಿಸಬೇಕು ಎಂದು ಸ್ಥಳೀಯರು ಒತ್ತಾಯಿಸಿದ್ದಾರೆ. ಕಟ್ಟಡ ನಿರ್ಮಾಣ ಕಾಮಗಾರಿ ಗುಣಮಟ್ಟದ ಬಗ್ಗೆಯೂ ತನಿಖೆ ನಡೆಸಬೇಕು. ಕೋಟ್ಯಂತರ ರೂಪಾಯಿ ಖರ್ಚು ಮಾಡಿ ಕಟ್ಟಿದ ಕಟ್ಟಡ ಇಂದು
ದಶಕದ ಹಿಂದೆ ಇಲ್ಲಿನ ಹೊನ್ನೆಗದ್ದೆ ಸಮೀಪ ಸರ್ಕಾರದ ಕೋಟ್ಯಂತರ ರೂಪಾಯಿ ವೆಚ್ಚದಲ್ಲಿ ನಿರ್ಮಿಸಲಾದ ವಿದ್ಯಾರ್ಥಿ ವಸತಿ ನಿಲಯ ಕಟ್ಟಡ ಇದುವರೆಗೂ ಬಳಕೆಗೆ ಬಾರದೆ ಪಾಳು ಬಿದ್ದಿದೆ. ಕಟ್ಟಡದ ಕಿಟಕಿ ಬಾಗಿಲುಗಳು ಮುರಿದು ಬಿದ್ದಿದ್ದು, ರಾತ್ರಿ ವೇಳೆ ಕುಡುಕರ ಹಾಗೂ ಅನೈತಿಕ ಚಟುವಟಿಕೆಗಳ ತಾಣವಾಗಿ ಮಾರ್ಪಟ್ಟಿದೆ. ೨೦೧೩-೧೪ನೇ ಸಾಲಿನಲ್ಲಿ ಹಿಂದುಳಿದ ವರ್ಗಗಳ ಕಲ್ಯಾಣ ಇಲಾಖೆಯ ಅನುದಾನದಲ್ಲಿ ಕಟ್ಟಡ ನಿರ್ಮಾಣ ಪೂರ್ಣಗೊಂಡಿದೆ. ಆದರೆ ವಿದ್ಯುತ್ ಸಂಪರ್ಕ, ಕುಡಿಯುವ ನೀರು ಹಾಗೂ ರಸ್ತೆ ಸೌಲಭ್ಯ ಕಲ್ಪಿಸದ ಕಾರಣ ವಿದ್ಯಾರ್ಥಿಗಳನ್ನು ಸ್ಥಳಾಂತರಿಸಲಾಗಿಲ್ಲ. ಕಟ್ಟಡದ ಒಳಭಾಗದಲ್ಲಿ ಮದ್ಯದ ಬಾಟಲಿಗಳು, ಪ್ಲಾಸ್ಟಿಕ್ ತ್ಯಾಜ್ಯ ರಾಶಿ ಬಿದ್ದಿದೆ. ಕಟ್ಟಡ ನಿರ್ಮಾಣಕ್ಕೆ ಬಳಸಿದ ಸಾರ್ವಜನಿಕರ ಹಣ ವ್ಯರ್ಥವಾಗಿದೆ. ಸಂಬಂಧಪಟ್ಟ ಅಧಿಕಾರಿಗಳು ಕೂಡಲೇ ಗಮನಹರಿಸಿ ಕಟ್ಟಡವನ್ನು ದುರಸ್ತಿಗೊಳಿಸಿ ವಿದ್ಯಾರ್ಥಿಗಳ ಬಳಕೆಗೆ ಮುಕ್ತಗೊಳಿಸಬೇಕು ಎಂದು ಸ್ಥಳೀಯರು ಒತ್ತಾಯಿಸಿದ್ದಾರೆ. ಕಟ್ಟಡ ನಿರ್ಮಾಣ ಕಾಮಗಾರಿ ಗುಣಮಟ್ಟದ ಬಗ್ಗೆಯೂ ತನಿಖೆ ನಡೆಸಬೇಕು. ಕೋಟ್ಯಂತರ
ಗೊಂದಲಗಳ ಗೂಡಾದ ಕ್ರೀಡಾ ಇಲಾಖೆ, ಅಧಿಕಾರಿಗಳಿಗೆ ಕಿಡಿಗೇಡಿಗಳ ಕಿರುಕುಳ
ಚಿತ್ರದುರ್ಗ: ಜಿಲ್ಲೆಯ ಸರ್ಕಾರಿ ಶಾಲಾ ಮಕ್ಕಳ ಕ್ರೀಡಾ ಚಟುವಟಿಕೆಗೆ ಬಳಕೆಯಾಗಬೇಕಿದ್ದ ಲಕ್ಷಾಂತರ ರೂಪಾಯಿ ಮೌಲ್ಯದ ಕ್ರೀಡಾ ಸಾಮಗ್ರಿಗಳು ಉಗ್ರಾಣದಲ್ಲಿ ಧೂಳು ಹಿಡಿಯುತ್ತಿವೆ. ಶಿಕ್ಷಣ ಇಲಾಖೆಯ ಅಧಿಕಾರಿಗಳ ನಿರ್ಲಕ್ಷ್ಯದಿಂದ ಸಾಮಗ್ರಿಗಳು ಶಾಲೆಗಳಿಗೆ ತಲುಪಿಲ್ಲ. ಜಿಲ್ಲಾ ಪಂಚಾಯಿತಿ ಕಚೇರಿ ಆವರಣದಲ್ಲಿರುವ ಕೊಠಡಿಯಲ್ಲಿ ಕ್ರೀಡಾ ಸಾಮಗ್ರಿಗಳನ್ನು ರಾಶಿ ಹಾಕಲಾಗಿದೆ. ಕೆಲ ಸಾಮಗ್ರಿಗಳು ಹಾಳಾಗಿವೆ. ಕ್ರೀಡಾ ಇಲಾಖೆಯಲ್ಲಿ ಸಿಬ್ಬಂದಿ ಕೊರತೆ ಇದ್ದು, ಅಧಿಕಾರಿಗಳಿಗೆ ಕೆಲ ಕಿಡಿಗೇಡಿಗಳು ಬೆದರಿಕೆ ಹಾಕುತ್ತಿದ್ದಾರೆ ಎಂಬ ಆರೋಪ ಕೇಳಿಬಂದಿದೆ. ೨೦೨೧ರಿಂದ
ಜಿಲ್ಲೆಯ ಸರ್ಕಾರಿ ಶಾಲಾ ಮಕ್ಕಳ ಕ್ರೀಡಾ ಚಟುವಟಿಕೆಗೆ ಬಳಕೆಯಾಗಬೇಕಿದ್ದ ಲಕ್ಷಾಂತರ ರೂಪಾಯಿ ಮೌಲ್ಯದ ಕ್ರೀಡಾ ಸಾಮಗ್ರಿಗಳು ಉಗ್ರಾಣದಲ್ಲಿ ಧೂಳು ಹಿಡಿಯುತ್ತಿವೆ. ಶಿಕ್ಷಣ ಇಲಾಖೆಯ ಅಧಿಕಾರಿಗಳ ನಿರ್ಲಕ್ಷ್ಯದಿಂದ ಸಾಮಗ್ರಿಗಳು ಶಾಲೆಗಳಿಗೆ ತಲುಪಿಲ್ಲ. ಜಿಲ್ಲಾ ಪಂಚಾಯಿತಿ ಕಚೇರಿ ಆವರಣದಲ್ಲಿರುವ ಕೊಠಡಿಯಲ್ಲಿ ಕ್ರೀಡಾ ಸಾಮಗ್ರಿಗಳನ್ನು ರಾಶಿ ಹಾಕಲಾಗಿದೆ. ಕೆಲ ಸಾಮಗ್ರಿಗಳು ಹಾಳಾಗಿವೆ. ಕ್ರೀಡಾ ಇಲಾಖೆಯಲ್ಲಿ ಸಿಬ್ಬಂದಿ ಕೊರತೆ ಇದ್ದು, ಅಧಿಕಾರಿಗಳಿಗೆ ಕೆಲ ಕಿಡಿಗೇಡಿಗಳು ಬೆದರಿಕೆ ಹಾಕುತ್ತಿದ್ದಾರೆ ಎಂಬ ಆರೋಪ ಕೇಳಿಬಂದಿದೆ. ೨೦೨೧ರಿಂದ ೨೦೨೪ರ ವರೆಗೆ ಖರೀದಿಸಿದ ಸಾಮಗ್ರಿಗಳ ವಿತರಣೆಯಲ್ಲಿ ಅವ್ಯವಹಾರ ನಡೆದಿದೆ. ಶಾಲೆಗಳಲ್ಲಿ ದೈಹಿಕ ಶಿಕ್ಷಕರ ಹುದ್ದೆಗಳು ಖಾಲಿಯಿವೆ. ಕ್ರೀಡಾಂಗಣಗಳ ನಿರ್ವಹಣೆ ಸಮರ್ಪಕವಾಗಿಲ್ಲ. ಈ ಬಗ್ಗೆ ಸಮಗ್ರ ತನಿಖೆ ನಡೆಸಿ ತಪ್ಪಿತಸ್ಥರ ವಿರುದ್ಧ ಕ್ರಮ ಕೈಗೊಳ್ಳಬೇಕು. ಮಕ್ಕಳ ಪ್ರತಿಭೆಗೆ ಪ್ರೋತ್ಸಾಹ ನೀಡುವ ನಿಟ್ಟಿನಲ್ಲಿ ಸಾಮಗ್ರಿಗಳನ್ನು ಕೂಡಲೇ ಶಾಲೆಗಳಿಗೆ ವಿತರಿಸಬೇಕು ಎಂದು ಪೋಷಕರು ಒತ್ತಾಯಿಸಿದ್ದಾರೆ. ಅಧಿಕಾರಿಗಳನ್ನು ನಿಯಂತ್ರಿಸುತ್ತಿರುವ ಅನ್ಯ ಶಕ್ತಿಗಳ ಬಗ್ಗೆಯೂ ತನಿಖೆಯಾಗಬೇಕು. ಕ್ರೀಡಾ ಇಲಾಖೆ ಜಿಲ್ಲೆಯಲ್ಲಿ ಗೊಂದಲಗಳ ಗೂಡಾಗಿ ಪರಿಣಮಿಸಿದ್ದು ಸಂಬಂಧಿಸಿದವರು ಗಮನಹರಿಸಬೇಕಿದೆ.
ಮಾದಕ ವಸ್ತುಗಳ ಸೇವನೆಯಿಮದ ದೂರವಿರಿ: ಗುಡ್ಡಪ್ಪ
ಧರ್ಮಪುರ: ಮಾದಕ ವಸ್ತುಗಳ ಸೇವನೆಯಿಂದ ವಿದ್ಯಾರ್ಥಿಗಳ ಭವಿಷ್ಯ ಹಾಳಾಗುತ್ತದೆ. ಯುವಜನರು ದುಶ್ಚಟಗಳಿಂದ ದೂರವಿರಬೇಕು ಎಂದು ಪಿಎಸ್‌ಐ ಗುಡ್ಡಪ್ಪ ಹೇಳಿದರು. ಇಲ್ಲಿನ ಸರ್ಕಾರಿ ಪದವಿಪೂರ್ವ ಕಾಲೇಜಿನಲ್ಲಿ ಅಂತರರಾಷ್ಟ್ರೀಯ ಮಾದಕ ವಸ್ತು ವಿರೋಧಿ ದಿನಾಚರಣೆ ಅಂಗವಾಗಿ ಆಯೋಜಿಸಿದ್ದ ಜಾಗೃತಿ ಕಾರ್ಯಕ್ರಮದಲ್ಲಿ ಮಾತನಾಡಿದರು. ಗಾಂಜಾ, ಅಫೀಮು, ಸಿಗರೇಟು ಮುಂತಾದ ಮಾದಕ ವಸ್ತುಗಳು ಆರೋಗ್ಯಕ್ಕೆ ಹಾನಿಕರ. ಸಾಮಾಜಿಕ ಜಾಲತಾಣಗಳ ಮೂಲಕ ಮಾದಕ ವಸ್ತು ಮಾರಾಟ ಜಾಲ ವಿಸ್ತರಿಸುತ್ತಿದೆ. ಈ ಬಗ್ಗೆ ಮಾಹಿತಿ ಇದ್ದರೆ ಪೊಲೀಸರಿಗೆ ತಿಳಿಸಬೇಕು ಎಂದರು. ಪ್ರಾಂಶುಪಾಲ ಬಿ.ಆರ್.ಮಂಜುನಾಥ್, ಉಪನ್ಯಾಸಕರಾದ ರಮೇಶ್, ರಾಘವೇಂದ್ರ, ಎಎಸ್‌ಐ ಚಂದ್ರಶೇಖರ್ ಹಾಗೂ ಸಿಬ್ಬಂದಿ ಇದ್ದರು.
ಮಣ್ಣೆತ್ತಿನ ಅಮಾವಾಸ್ಯೆ: ಅಜ್ಜಯ್ಯನ ದರ್ಶನಕ್ಕೆ ಭಕ್ತರ ದಂಡು
ಕಂದಗಲ್ಲು: ಮಣ್ಣೆತ್ತಿನ ಅಮಾವಾಸ್ಯೆ ಅಂಗವಾಗಿ ಇಲ್ಲಿನ ಅಜ್ಜಯ್ಯನ ದೇವಸ್ಥಾನದಲ್ಲಿ ಬುಧವಾರ ವಿಶೇಷ ಪೂಜಾ ಕಾರ್ಯಕ್ರಮಗಳು ನಡೆದವು. ರಾಜ್ಯದ ವಿವಿಧ ಭಾಗಗಳಿಂದ ಸಾವಿರಾರು ಭಕ್ತರು ಆಗಮಿಸಿ ದೇವರ ದರ್ಶನ ಪಡೆದರು. ಬೆಳಿಗ್ಗೆಯಿಂದಲೇ ದೇವಾಲಯದ ಮುಂಭಾಗ ಭಕ್ತರ ಉದ್ದನೆಯ ಸಾಲು ಕಂಡುಬಂತು. ರೈತರು ಮಣ್ಣಿನ ಎತ್ತುಗಳನ್ನು ತಯಾರಿಸಿ ಪೂಜೆ ಸಲ್ಲಿಸಿದರು. ದೇವಾಲಯ ಸಮಿತಿಯಿಂದ ಭಕ್ತರಿಗೆ ಕುಡಿಯುವ ನೀರು ಹಾಗೂ ಪ್ರಸಾದದ ವ್ಯವಸ್ಥೆ ಮಾಡಲಾಗಿತ್ತು. ಭದ್ರತೆಗಾಗಿ ಪೊಲೀಸರನ್ನು ನಿಯೋಜಿಸಲಾಗಿತ್ತು. ಸಂಜೆ
ಮಣ್ಣೆತ್ತಿನ ಅಮಾವಾಸ್ಯೆ ಅಂಗವಾಗಿ ಇಲ್ಲಿನ ಅಜ್ಜಯ್ಯನ ದೇವಸ್ಥಾನದಲ್ಲಿ ಬುಧವಾರ ವಿಶೇಷ ಪೂಜಾ ಕಾರ್ಯಕ್ರಮಗಳು ನಡೆದವು. ರಾಜ್ಯದ ವಿವಿಧ ಭಾಗಗಳಿಂದ ಸಾವಿರಾರು ಭಕ್ತರು ಆಗಮಿಸಿ ದೇವರ ದರ್ಶನ ಪಡೆದರು. ಬೆಳಿಗ್ಗೆಯಿಂದಲೇ ದೇವಾಲಯದ ಮುಂಭಾಗ ಭಕ್ತರ ಉದ್ದನೆಯ ಸಾಲು ಕಂಡುಬಂತು. ರೈತರು
